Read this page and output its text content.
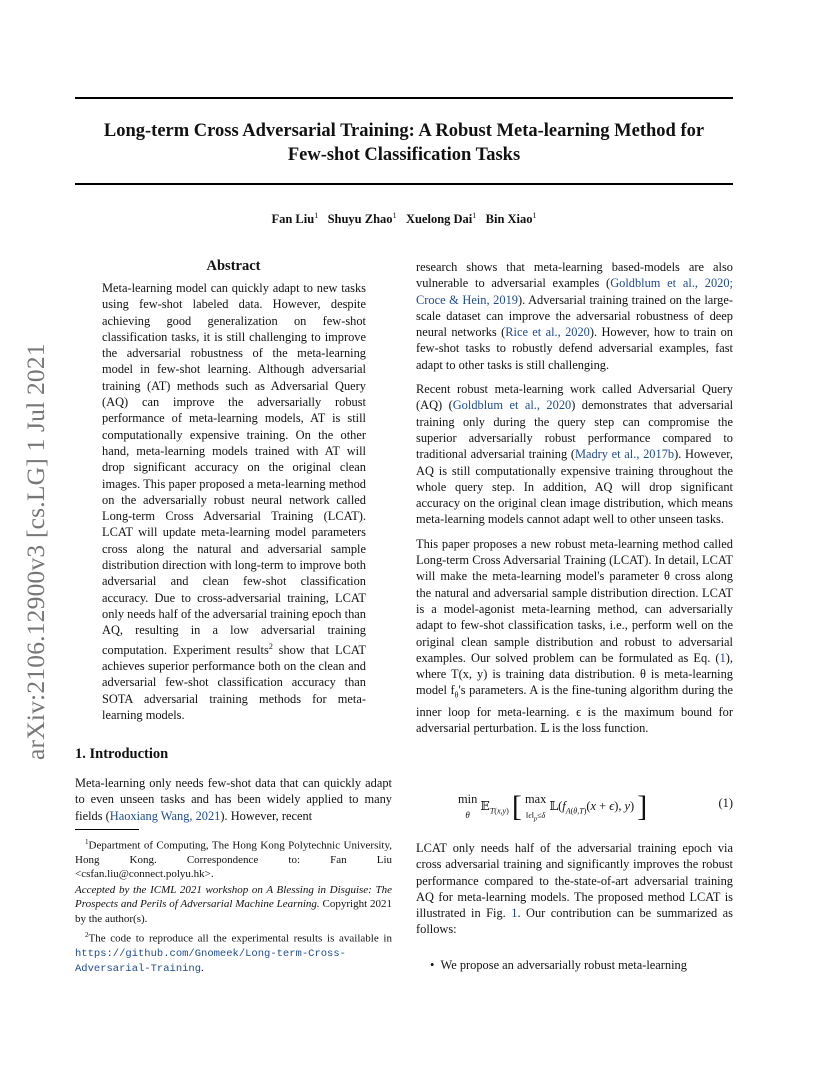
Long-term Cross Adversarial Training: A Robust Meta-learning Method for
Few-shot Classification Tasks
Fan Liu$^1$ Shuyu Zhao$^1$ Xuelong Dai$^1$ Bin Xiao$^1$
arXiv:2106.12900v3 [cs.LG] 1 Jul 2021
Abstract
Meta-learning model can quickly adapt to new tasks using few-shot labeled data. However, despite achieving good generalization on few-shot classification tasks, it is still challenging to improve the adversarial robustness of the meta-learning model in few-shot learning. Although adversarial training (AT) methods such as Adversarial Query (AQ) can improve the adversarially robust performance of meta-learning models, AT is still computationally expensive training. On the other hand, meta-learning models trained with AT will drop significant accuracy on the original clean images. This paper proposed a meta-learning method on the adversarially robust neural network called Long-term Cross Adversarial Training (LCAT). LCAT will update meta-learning model parameters cross along the natural and adversarial sample distribution direction with long-term to improve both adversarial and clean few-shot classification accuracy. Due to cross-adversarial training, LCAT only needs half of the adversarial training epoch than AQ, resulting in a low adversarial training computation. Experiment results$^2$ show that LCAT achieves superior performance both on the clean and adversarial few-shot classification accuracy than SOTA adversarial training methods for meta-learning models.
1. Introduction
Meta-learning only needs few-shot data that can quickly adapt to even unseen tasks and has been widely applied to many fields (Haoxiang Wang, 2021). However, recent
$^1$Department of Computing, The Hong Kong Polytechnic University, Hong Kong. Correspondence to: Fan Liu <csfan.liu@connect.polyu.hk>.
Accepted by the ICML 2021 workshop on A Blessing in Disguise: The Prospects and Perils of Adversarial Machine Learning. Copyright 2021 by the author(s).
$^2$The code to reproduce all the experimental results is available in https://github.com/Gnomeek/Long-term-Cross-Adversarial-Training.

research shows that meta-learning based-models are also vulnerable to adversarial examples (Goldblum et al., 2020; Croce & Hein, 2019). Adversarial training trained on the large-scale dataset can improve the adversarial robustness of deep neural networks (Rice et al., 2020). However, how to train on few-shot tasks to robustly defend adversarial examples, fast adapt to other tasks is still challenging.

Recent robust meta-learning work called Adversarial Query (AQ) (Goldblum et al., 2020) demonstrates that adversarial training only during the query step can compromise the superior adversarially robust performance compared to traditional adversarial training (Madry et al., 2017b). However, AQ is still computationally expensive training throughout the whole query step. In addition, AQ will drop significant accuracy on the original clean image distribution, which means meta-learning models cannot adapt well to other unseen tasks.

This paper proposes a new robust meta-learning method called Long-term Cross Adversarial Training (LCAT). In detail, LCAT will make the meta-learning model's parameter θ cross along the natural and adversarial sample distribution direction. LCAT is a model-agonist meta-learning method, can adversarially adapt to few-shot classification tasks, i.e., perform well on the original clean sample distribution and robust to adversarial examples. Our solved problem can be formulated as Eq. (1), where T(x, y) is training data distribution. θ is meta-learning model $f_\theta's$ parameters. A is the fine-tuning algorithm during the inner loop for meta-learning. ϵ is the maximum bound for adversarial perturbation. 𝕃 is the loss function.

min
θ 𝔼$_{T(x,y)}$ [ max
$‖\epsilon‖_p\le\delta$ $𝕃(f_{A(\theta,T)}(x + \epsilon)$, y) ]	(1)

LCAT only needs half of the adversarial training epoch via cross adversarial training and significantly improves the robust performance compared to the-state-of-art adversarial training AQ for meta-learning models. The proposed method LCAT is illustrated in Fig. 1. Our contribution can be summarized as follows:

• We propose an adversarially robust meta-learning
